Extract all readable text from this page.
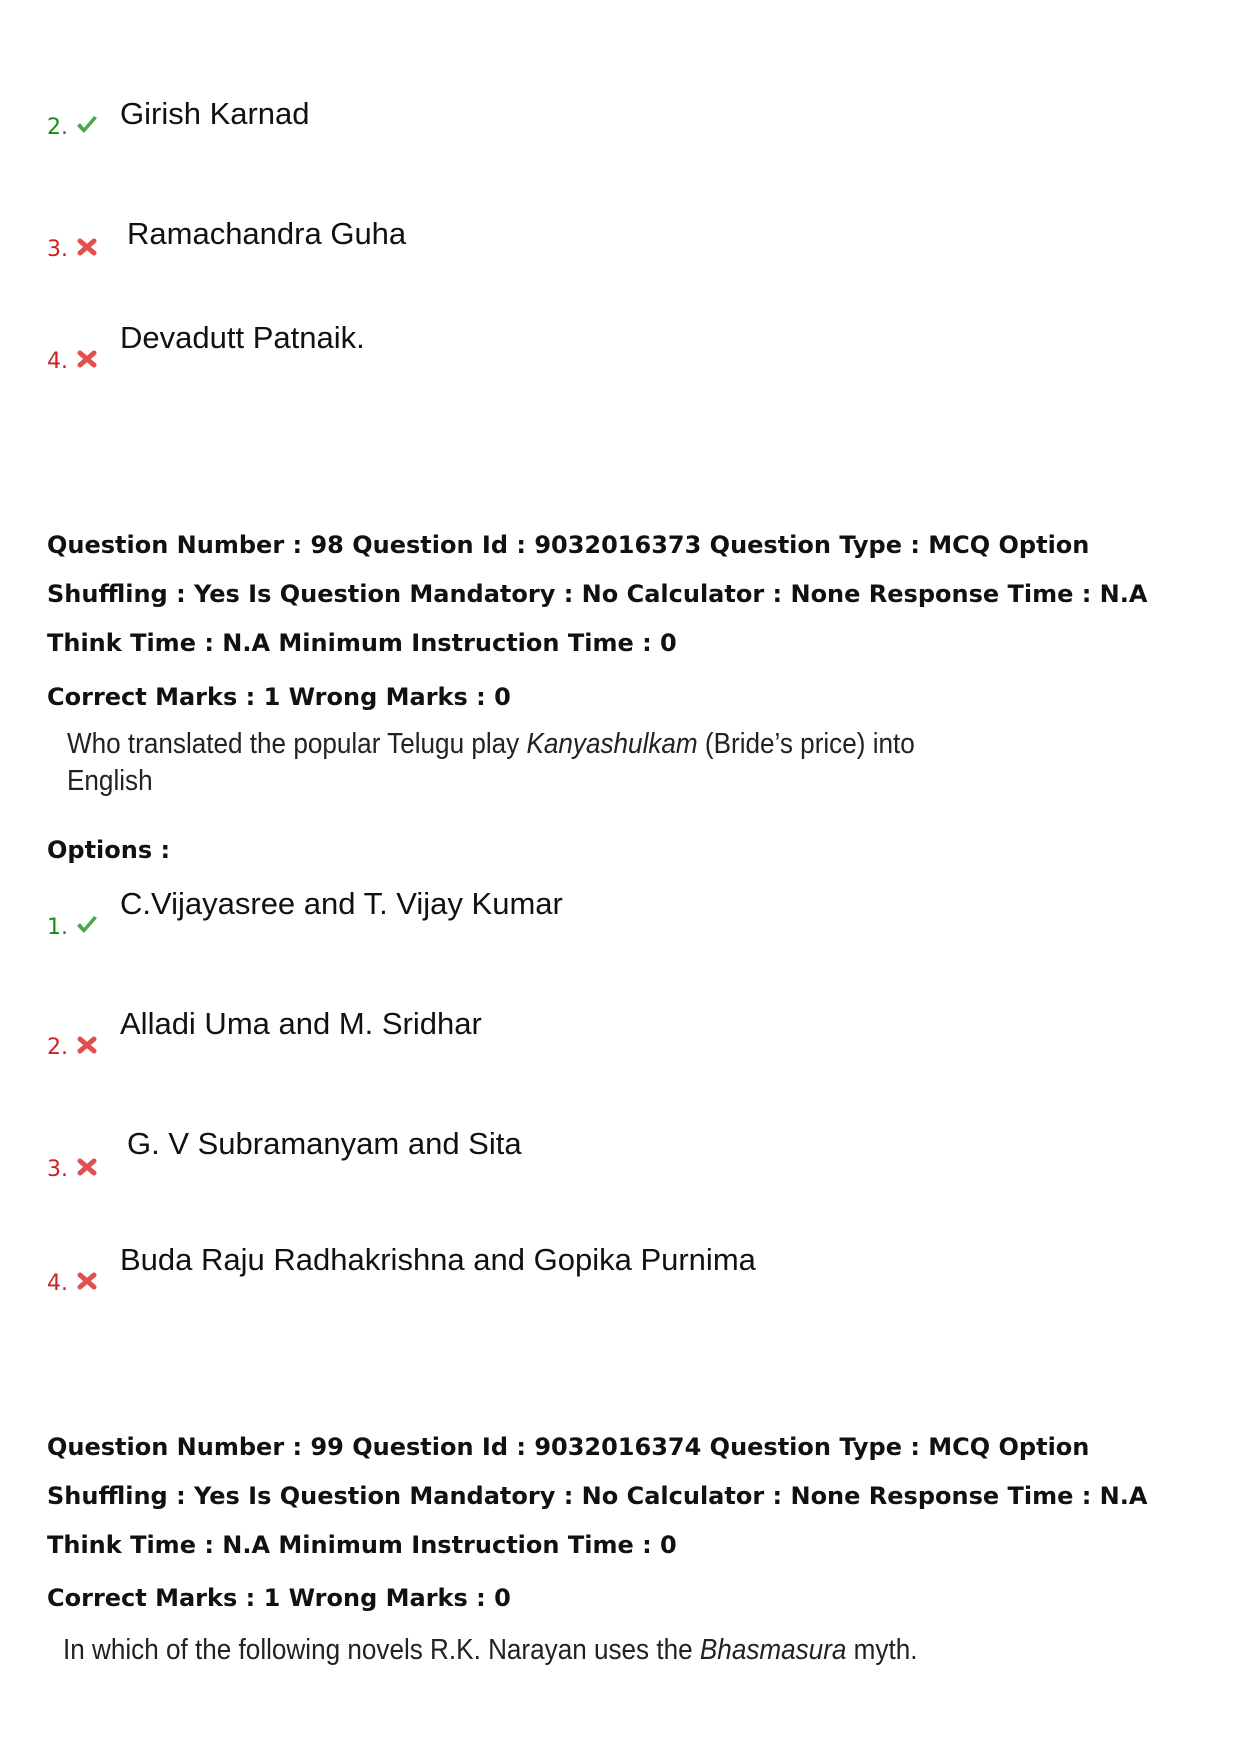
2. Girish Karnad
3. Ramachandra Guha
4.
Devadutt Patnaik.
Question Number : 98 Question Id : 9032016373 Question Type : MCQ Option Shuffling : Yes Is Question Mandatory : No Calculator : None Response Time : N.A Think Time : N.A Minimum Instruction Time : 0
Correct Marks : 1 Wrong Marks : 0
Who translated the popular Telugu play Kanyashulkam (Bride’s price) into
English
Options :
1.
C.Vijayasree and T. Vijay Kumar
2.
Alladi Uma and M. Sridhar
3.
G. V Subramanyam and Sita
4.
Buda Raju Radhakrishna and Gopika Purnima
Question Number : 99 Question Id : 9032016374 Question Type : MCQ Option Shuffling : Yes Is Question Mandatory : No Calculator : None Response Time : N.A Think Time : N.A Minimum Instruction Time : 0
Correct Marks : 1 Wrong Marks : 0
In which of the following novels R.K. Narayan uses the Bhasmasura myth.
